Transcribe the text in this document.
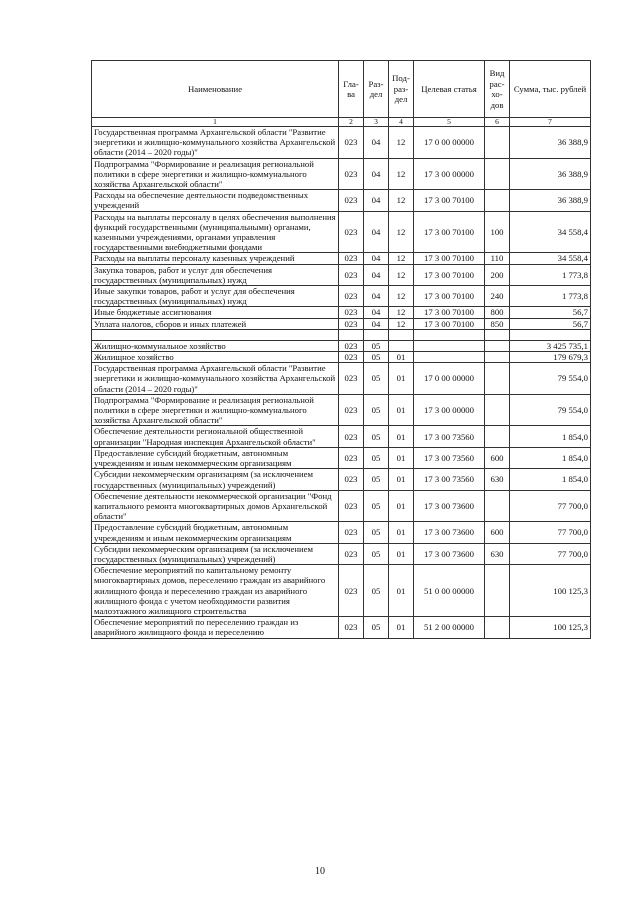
Наименование	Гла-ва	Раз-дел	Под-раз-дел	Целевая статья	Вид рас-хо-дов	Сумма, тыс. рублей
1	2	3	4	5	6	7
Государственная программа Архангельской области "Развитие энергетики и жилищно-коммунального хозяйства Архангельской области (2014 – 2020 годы)"	023	04	12	17 0 00 00000		36 388,9
Подпрограмма "Формирование и реализация региональной политики в сфере энергетики и жилищно-коммунального хозяйства Архангельской области"	023	04	12	17 3 00 00000		36 388,9
Расходы на обеспечение деятельности подведомственных учреждений	023	04	12	17 3 00 70100		36 388,9
Расходы на выплаты персоналу в целях обеспечения выполнения функций государственными (муниципальными) органами, казенными учреждениями, органами управления государственными внебюджетными фондами	023	04	12	17 3 00 70100	100	34 558,4
Расходы на выплаты персоналу казенных учреждений	023	04	12	17 3 00 70100	110	34 558,4
Закупка товаров, работ и услуг для обеспечения государственных (муниципальных) нужд	023	04	12	17 3 00 70100	200	1 773,8
Иные закупки товаров, работ и услуг для обеспечения государственных (муниципальных) нужд	023	04	12	17 3 00 70100	240	1 773,8
Иные бюджетные ассигнования	023	04	12	17 3 00 70100	800	56,7
Уплата налогов, сборов и иных платежей	023	04	12	17 3 00 70100	850	56,7

Жилищно-коммунальное хозяйство	023	05				3 425 735,1
Жилищное хозяйство	023	05	01			179 679,3
Государственная программа Архангельской области "Развитие энергетики и жилищно-коммунального хозяйства Архангельской области (2014 – 2020 годы)"	023	05	01	17 0 00 00000		79 554,0
Подпрограмма "Формирование и реализация региональной политики в сфере энергетики и жилищно-коммунального хозяйства Архангельской области"	023	05	01	17 3 00 00000		79 554,0
Обеспечение деятельности региональной общественной организации "Народная инспекция Архангельской области"	023	05	01	17 3 00 73560		1 854,0
Предоставление субсидий бюджетным, автономным учреждениям и иным некоммерческим организациям	023	05	01	17 3 00 73560	600	1 854,0
Субсидии некоммерческим организациям (за исключением государственных (муниципальных) учреждений)	023	05	01	17 3 00 73560	630	1 854,0
Обеспечение деятельности некоммерческой организации "Фонд капитального ремонта многоквартирных домов Архангельской области"	023	05	01	17 3 00 73600		77 700,0
Предоставление субсидий бюджетным, автономным учреждениям и иным некоммерческим организациям	023	05	01	17 3 00 73600	600	77 700,0
Субсидии некоммерческим организациям (за исключением государственных (муниципальных) учреждений)	023	05	01	17 3 00 73600	630	77 700,0
Обеспечение мероприятий по капитальному ремонту многоквартирных домов, переселению граждан из аварийного жилищного фонда и переселению граждан из аварийного жилищного фонда с учетом необходимости развития малоэтажного жилищного строительства	023	05	01	51 0 00 00000		100 125,3
Обеспечение мероприятий по переселению граждан из аварийного жилищного фонда и переселению	023	05	01	51 2 00 00000		100 125,3
10
